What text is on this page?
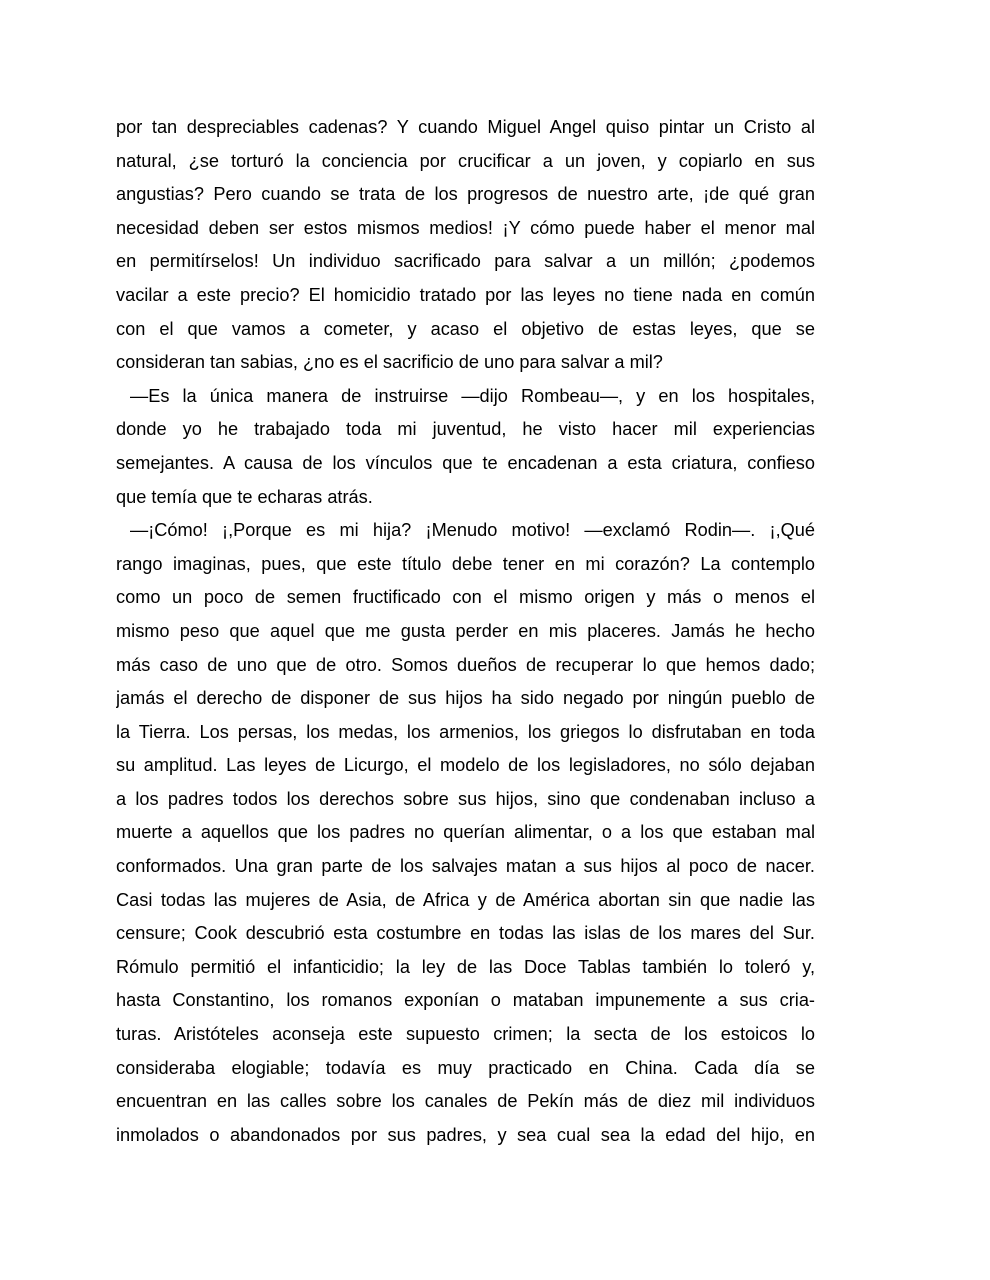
por tan despreciables cadenas? Y cuando Miguel Angel quiso pintar un Cristo al
natural, ¿se torturó la conciencia por crucificar a un joven, y copiarlo en sus
angustias? Pero cuando se trata de los progresos de nuestro arte, ¡de qué gran
necesidad deben ser estos mismos medios! ¡Y cómo puede haber el menor mal
en permitírselos! Un individuo sacrificado para salvar a un millón; ¿podemos
vacilar a este precio? El homicidio tratado por las leyes no tiene nada en común
con el que vamos a cometer, y acaso el objetivo de estas leyes, que se
consideran tan sabias, ¿no es el sacrificio de uno para salvar a mil?
—Es la única manera de instruirse —dijo Rombeau—, y en los hospitales,
donde yo he trabajado toda mi juventud, he visto hacer mil experiencias
semejantes. A causa de los vínculos que te encadenan a esta criatura, confieso
que temía que te echaras atrás.
—¡Cómo! ¡,Porque es mi hija? ¡Menudo motivo! —exclamó Rodin—. ¡,Qué
rango imaginas, pues, que este título debe tener en mi corazón? La contemplo
como un poco de semen fructificado con el mismo origen y más o menos el
mismo peso que aquel que me gusta perder en mis placeres. Jamás he hecho
más caso de uno que de otro. Somos dueños de recuperar lo que hemos dado;
jamás el derecho de disponer de sus hijos ha sido negado por ningún pueblo de
la Tierra. Los persas, los medas, los armenios, los griegos lo disfrutaban en toda
su amplitud. Las leyes de Licurgo, el modelo de los legisladores, no sólo dejaban
a los padres todos los derechos sobre sus hijos, sino que condenaban incluso a
muerte a aquellos que los padres no querían alimentar, o a los que estaban mal
conformados. Una gran parte de los salvajes matan a sus hijos al poco de nacer.
Casi todas las mujeres de Asia, de Africa y de América abortan sin que nadie las
censure; Cook descubrió esta costumbre en todas las islas de los mares del Sur.
Rómulo permitió el infanticidio; la ley de las Doce Tablas también lo toleró y,
hasta Constantino, los romanos exponían o mataban impunemente a sus cria-
turas. Aristóteles aconseja este supuesto crimen; la secta de los estoicos lo
consideraba elogiable; todavía es muy practicado en China. Cada día se
encuentran en las calles sobre los canales de Pekín más de diez mil individuos
inmolados o abandonados por sus padres, y sea cual sea la edad del hijo, en
